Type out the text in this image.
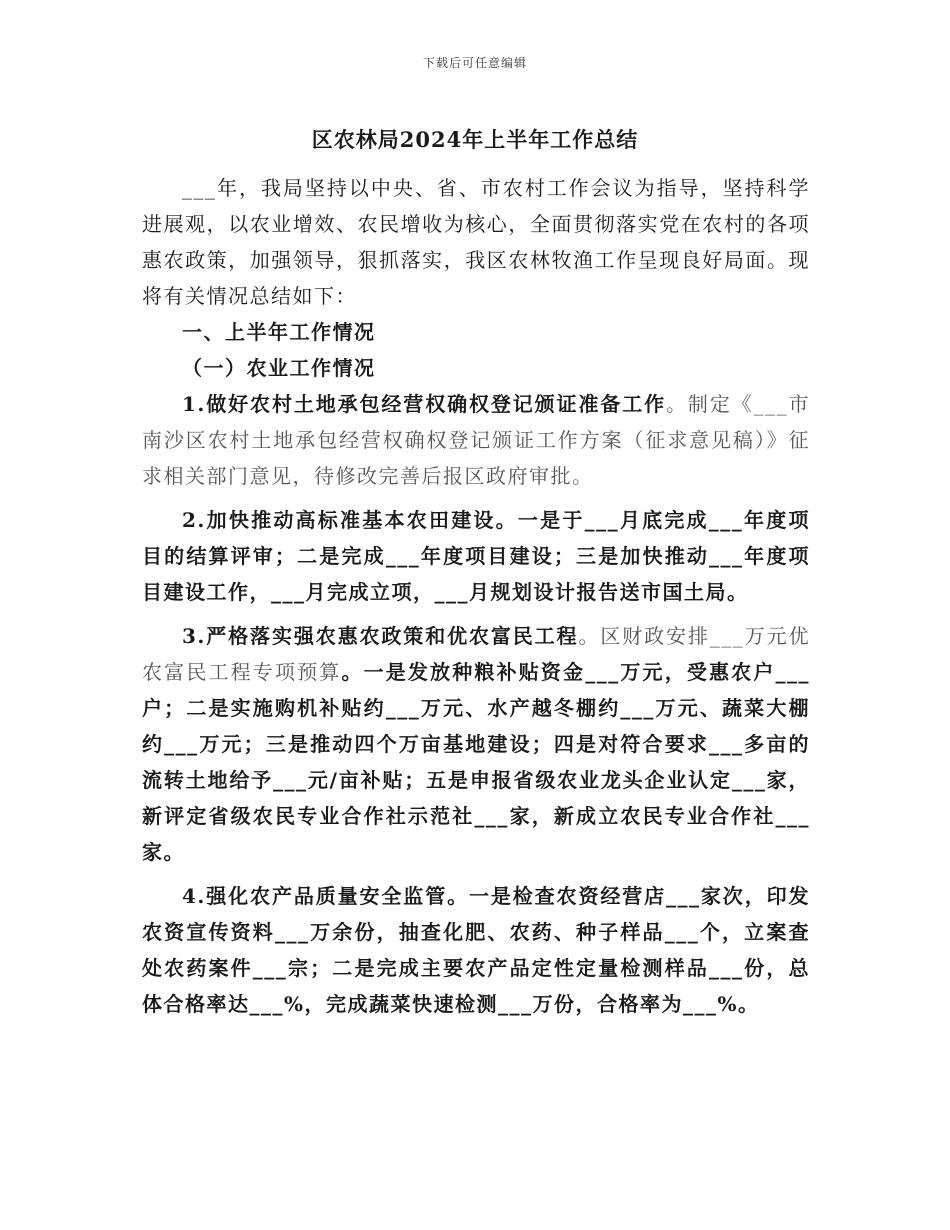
下载后可任意编辑
区农林局2024年上半年工作总结

___年，我局坚持以中央、省、市农村工作会议为指导，坚持科学进展观，以农业增效、农民增收为核心，全面贯彻落实党在农村的各项惠农政策，加强领导，狠抓落实，我区农林牧渔工作呈现良好局面。现将有关情况总结如下：

一、上半年工作情况

（一）农业工作情况

1.做好农村土地承包经营权确权登记颁证准备工作。制定《___市南沙区农村土地承包经营权确权登记颁证工作方案（征求意见稿）》征求相关部门意见，待修改完善后报区政府审批。

2.加快推动高标准基本农田建设。一是于___月底完成___年度项目的结算评审；二是完成___年度项目建设；三是加快推动___年度项目建设工作，___月完成立项，___月规划设计报告送市国土局。

3.严格落实强农惠农政策和优农富民工程。区财政安排___万元优农富民工程专项预算。一是发放种粮补贴资金___万元，受惠农户___户；二是实施购机补贴约___万元、水产越冬棚约___万元、蔬菜大棚约___万元；三是推动四个万亩基地建设；四是对符合要求___多亩的流转土地给予___元/亩补贴；五是申报省级农业龙头企业认定___家，新评定省级农民专业合作社示范社___家，新成立农民专业合作社___家。

4.强化农产品质量安全监管。一是检查农资经营店___家次，印发农资宣传资料___万余份，抽查化肥、农药、种子样品___个，立案查处农药案件___宗；二是完成主要农产品定性定量检测样品___份，总体合格率达___%，完成蔬菜快速检测___万份，合格率为___%。
